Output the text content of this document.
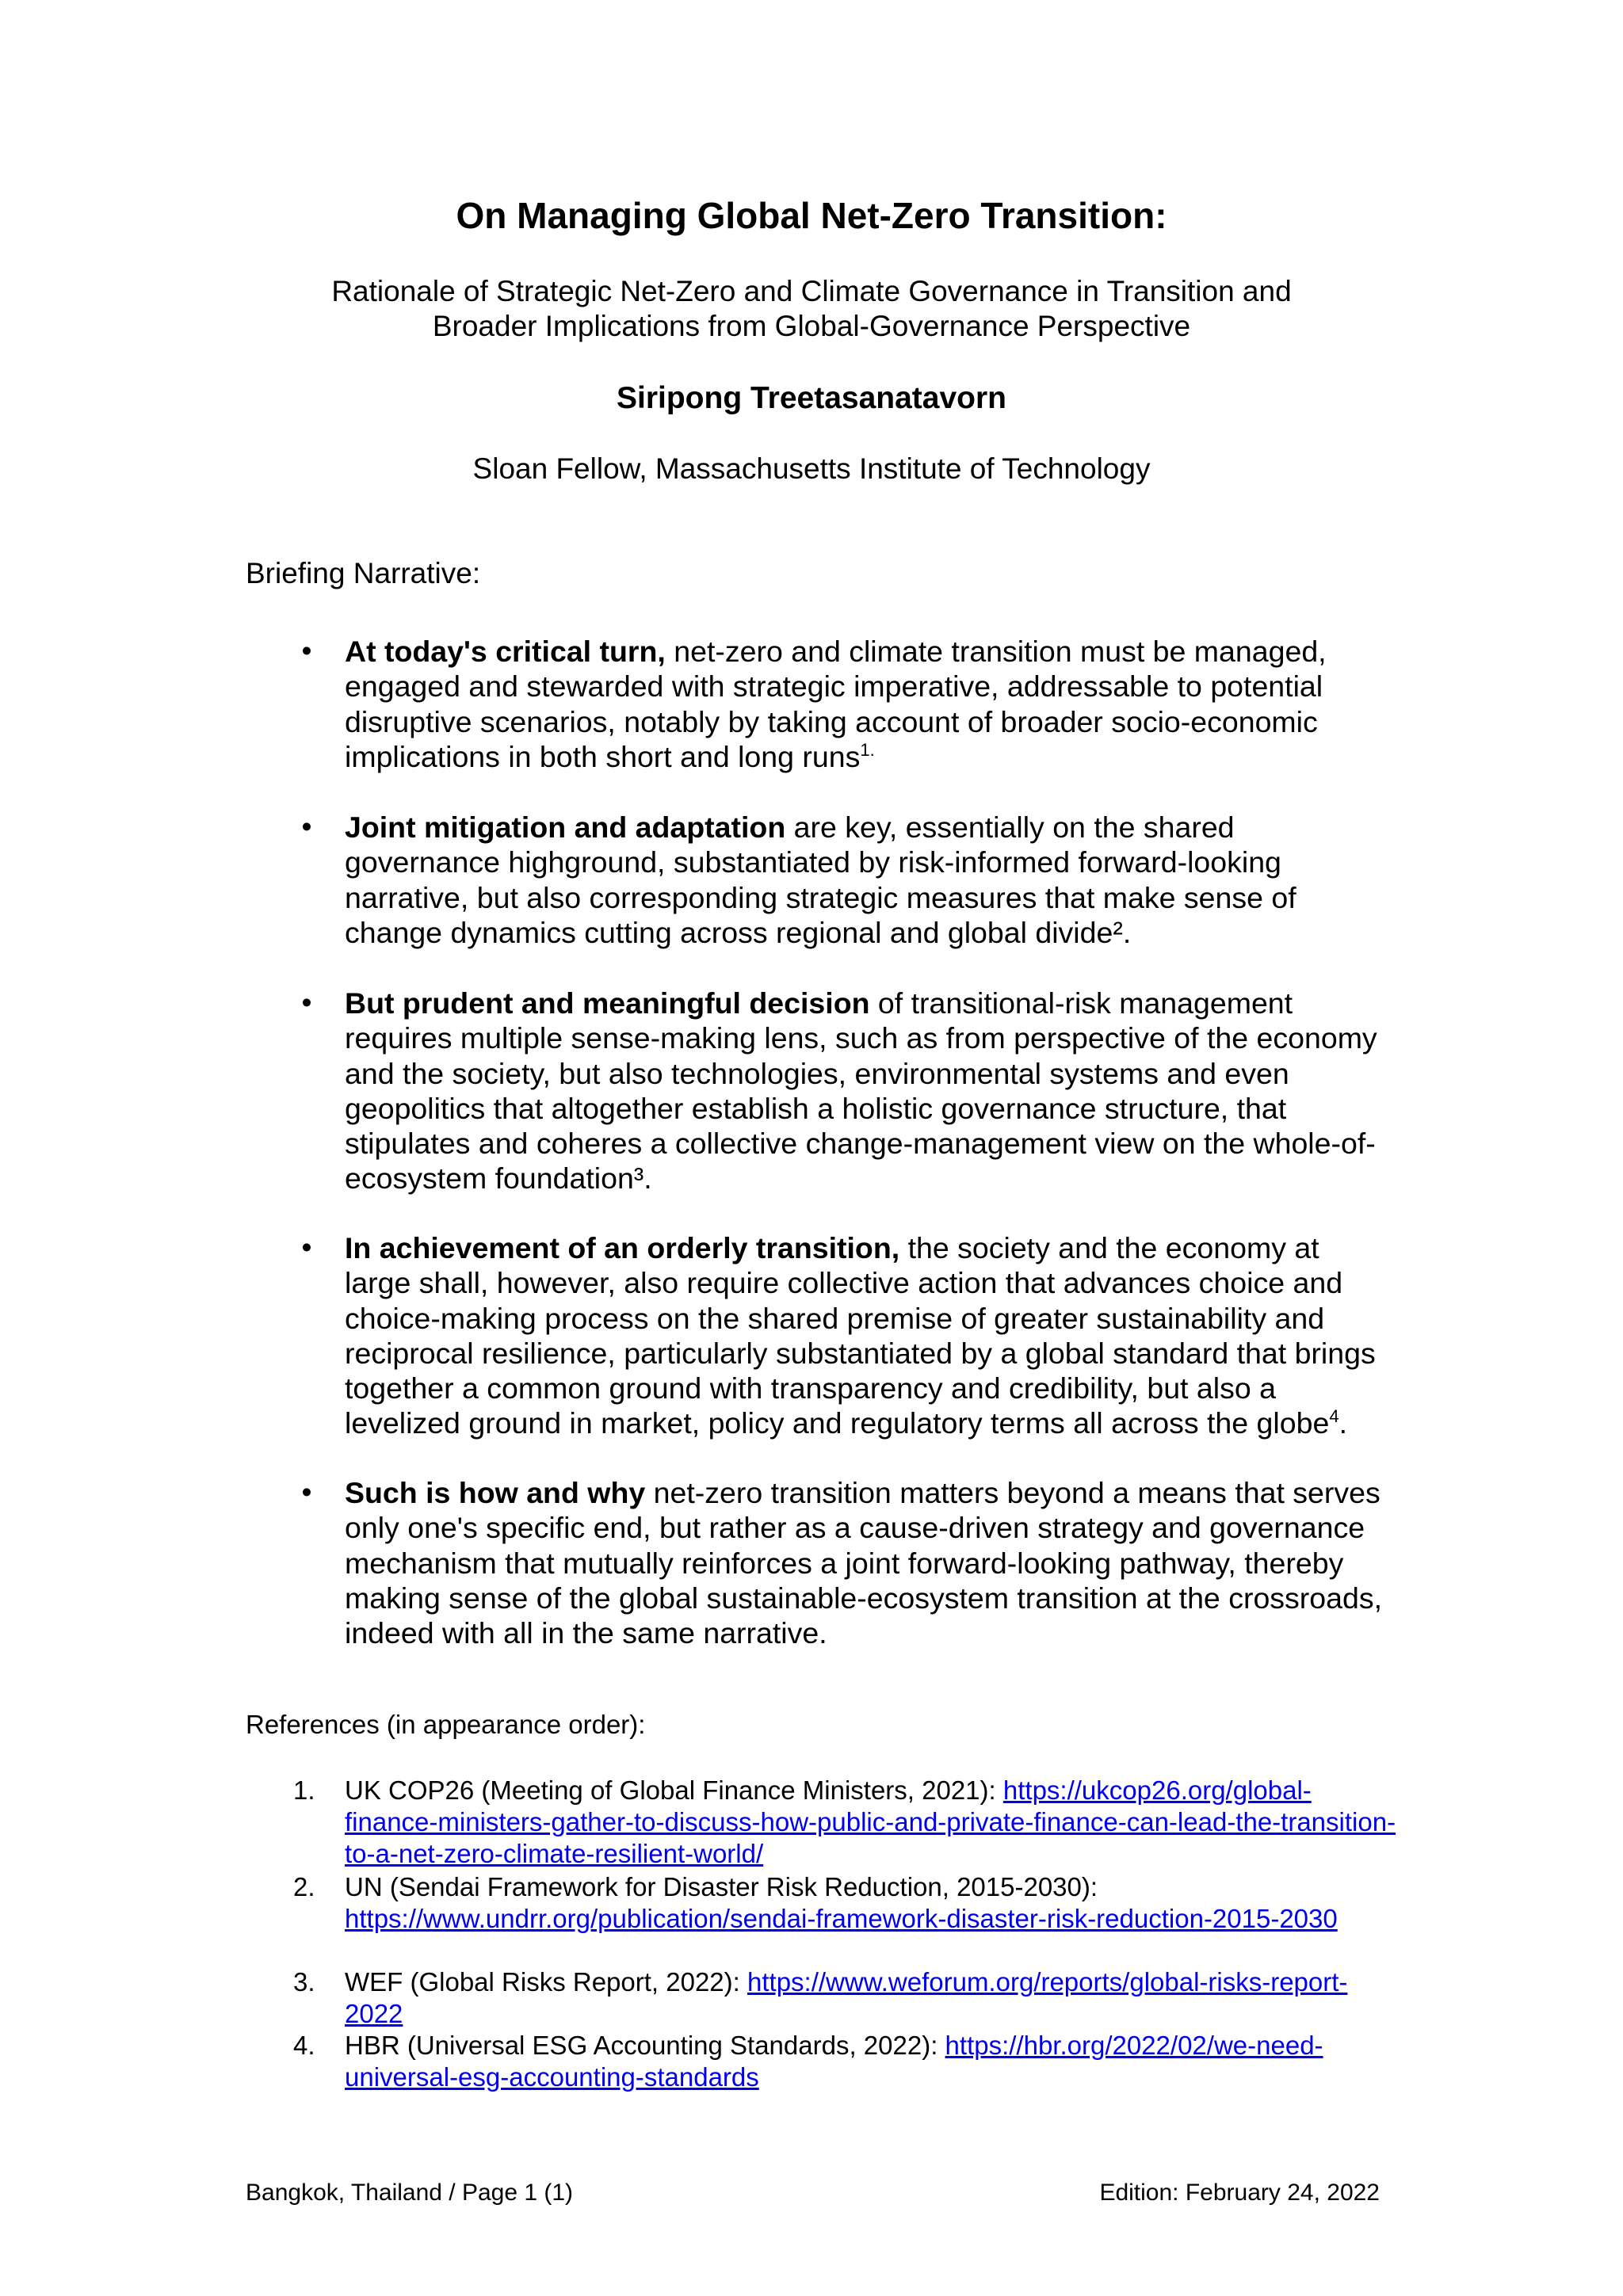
On Managing Global Net-Zero Transition:
Rationale of Strategic Net-Zero and Climate Governance in Transition and
Broader Implications from Global-Governance Perspective
Siripong Treetasanatavorn
Sloan Fellow, Massachusetts Institute of Technology
Briefing Narrative:
• At today's critical turn, net-zero and climate transition must be managed, engaged and stewarded with strategic imperative, addressable to potential disruptive scenarios, notably by taking account of broader socio-economic implications in both short and long runs$^{1.}$
• Joint mitigation and adaptation are key, essentially on the shared governance highground, substantiated by risk-informed forward-looking narrative, but also corresponding strategic measures that make sense of change dynamics cutting across regional and global divide².
• But prudent and meaningful decision of transitional-risk management requires multiple sense-making lens, such as from perspective of the economy and the society, but also technologies, environmental systems and even geopolitics that altogether establish a holistic governance structure, that stipulates and coheres a collective change-management view on the whole-of-ecosystem foundation³.
• In achievement of an orderly transition, the society and the economy at large shall, however, also require collective action that advances choice and choice-making process on the shared premise of greater sustainability and reciprocal resilience, particularly substantiated by a global standard that brings together a common ground with transparency and credibility, but also a levelized ground in market, policy and regulatory terms all across the globe$^4$.
• Such is how and why net-zero transition matters beyond a means that serves only one's specific end, but rather as a cause-driven strategy and governance mechanism that mutually reinforces a joint forward-looking pathway, thereby making sense of the global sustainable-ecosystem transition at the crossroads, indeed with all in the same narrative.
References (in appearance order):
1.	UK COP26 (Meeting of Global Finance Ministers, 2021): https://ukcop26.org/global-finance-ministers-gather-to-discuss-how-public-and-private-finance-can-lead-the-transition-to-a-net-zero-climate-resilient-world/
2.	UN (Sendai Framework for Disaster Risk Reduction, 2015-2030): https://www.undrr.org/publication/sendai-framework-disaster-risk-reduction-2015-2030
3.	WEF (Global Risks Report, 2022): https://www.weforum.org/reports/global-risks-report-2022
4.	HBR (Universal ESG Accounting Standards, 2022): https://hbr.org/2022/02/we-need-universal-esg-accounting-standards
Bangkok, Thailand / Page 1 (1)	Edition: February 24, 2022
